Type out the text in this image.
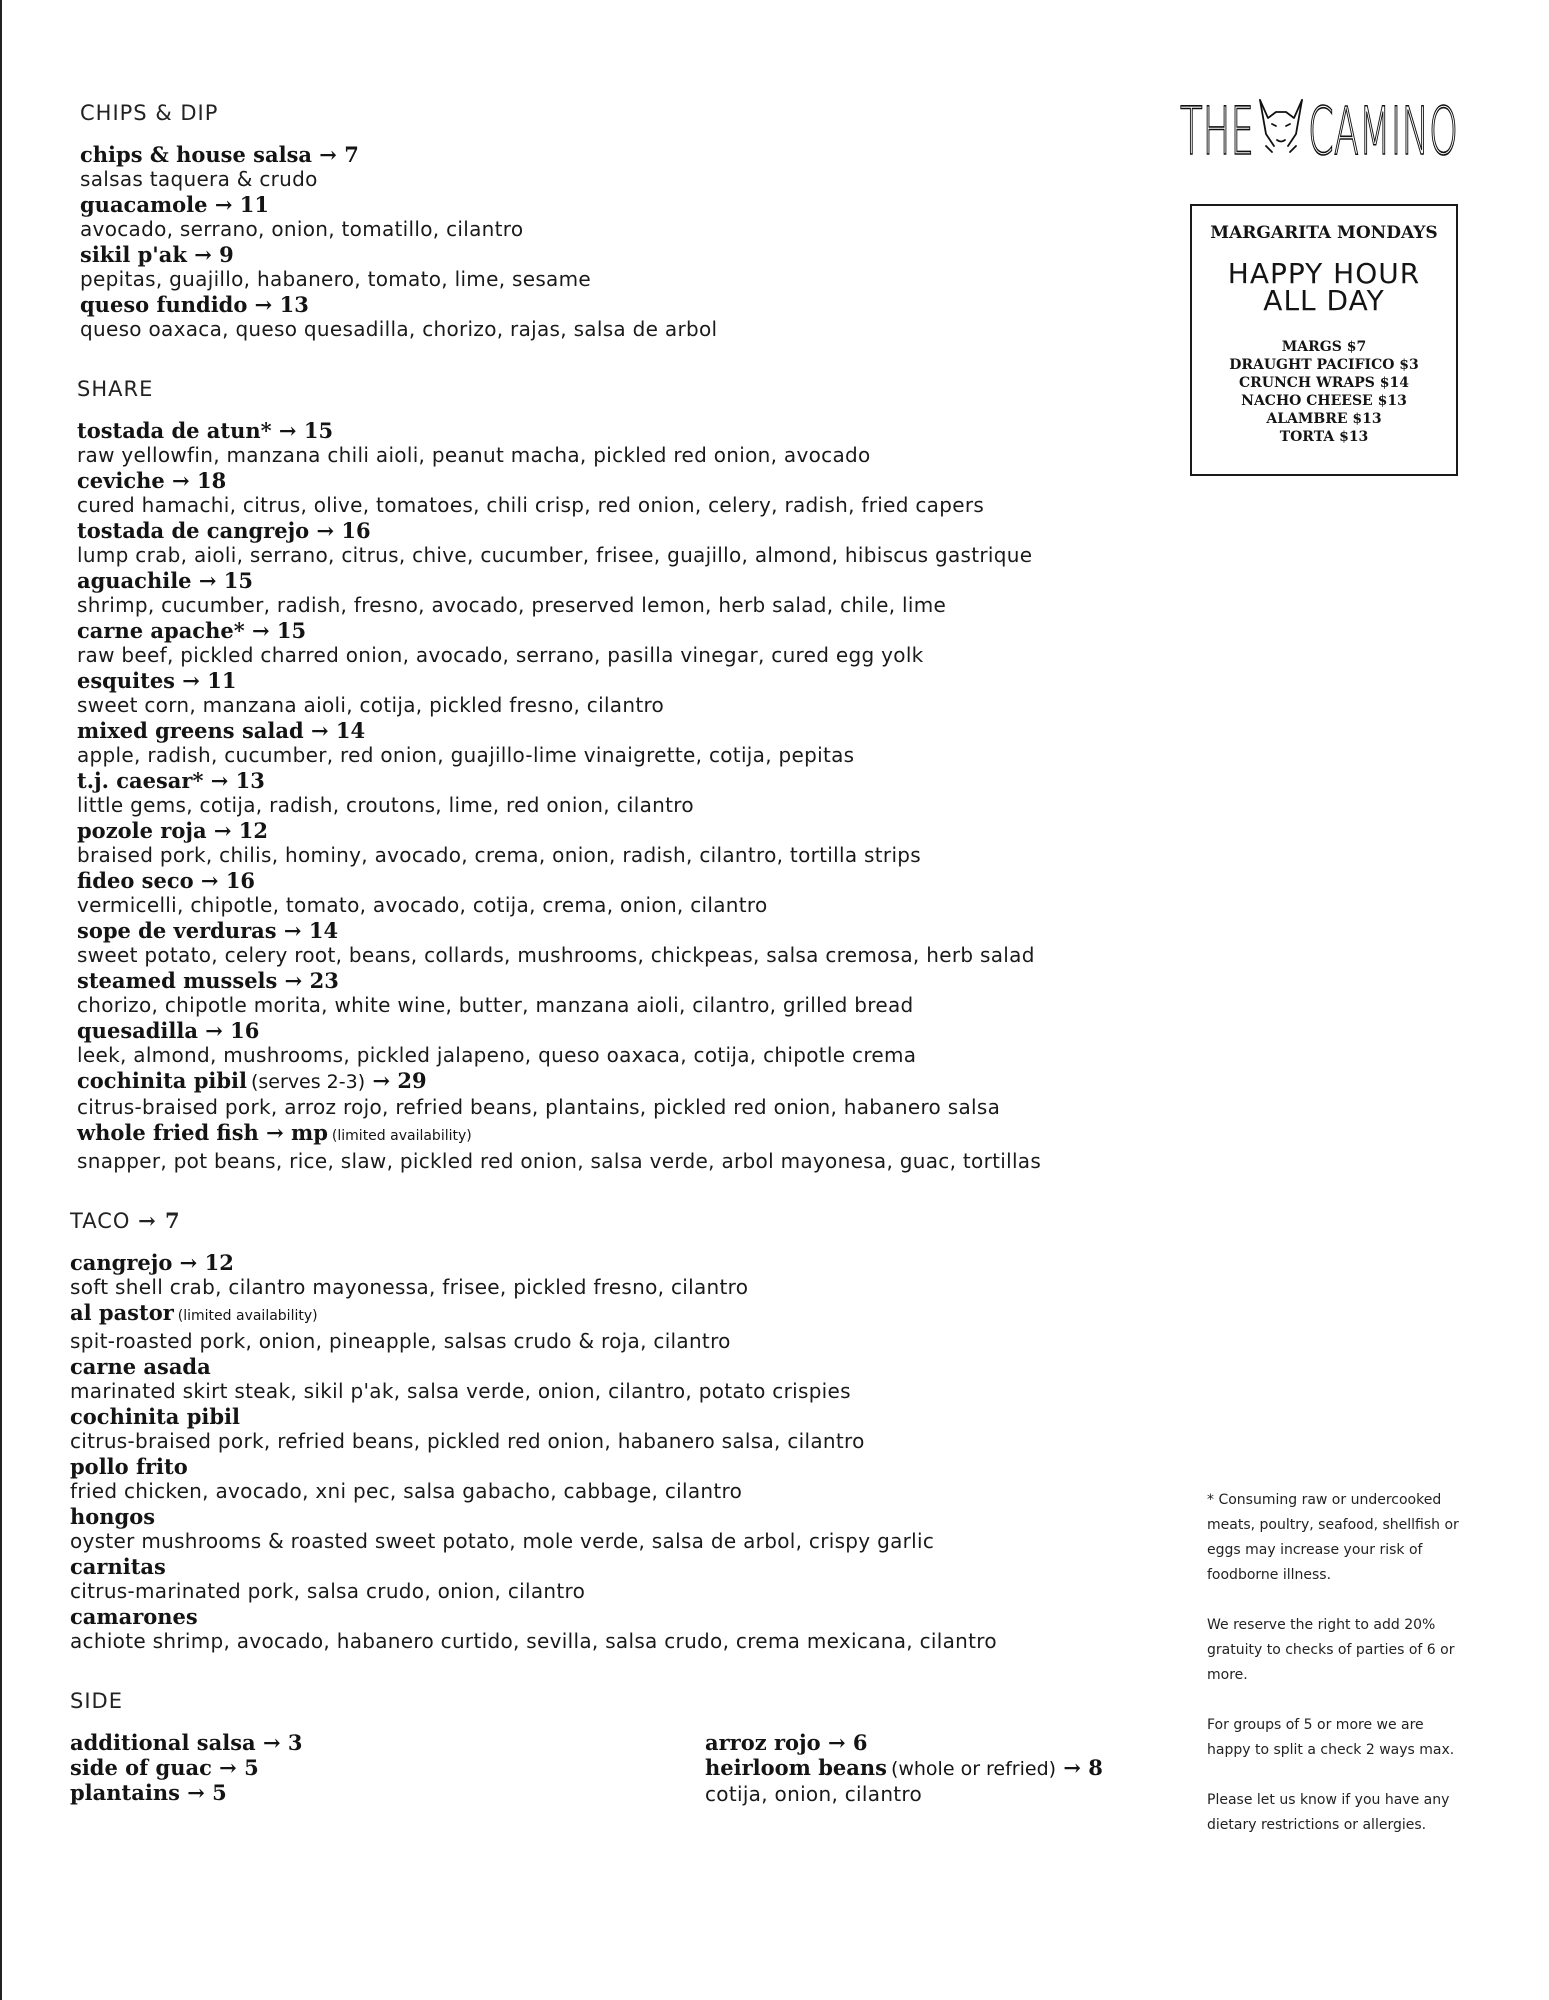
THE CAMINO
MARGARITA MONDAYS
HAPPY HOUR
ALL DAY
MARGS $7
DRAUGHT PACIFICO $3
CRUNCH WRAPS $14
NACHO CHEESE $13
ALAMBRE $13
TORTA $13
CHIPS & DIP
chips & house salsa → 7
salsas taquera & crudo
guacamole → 11
avocado, serrano, onion, tomatillo, cilantro
sikil p'ak → 9
pepitas, guajillo, habanero, tomato, lime, sesame
queso fundido → 13
queso oaxaca, queso quesadilla, chorizo, rajas, salsa de arbol
SHARE
tostada de atun* → 15
raw yellowfin, manzana chili aioli, peanut macha, pickled red onion, avocado
ceviche → 18
cured hamachi, citrus, olive, tomatoes, chili crisp, red onion, celery, radish, fried capers
tostada de cangrejo → 16
lump crab, aioli, serrano, citrus, chive, cucumber, frisee, guajillo, almond, hibiscus gastrique
aguachile → 15
shrimp, cucumber, radish, fresno, avocado, preserved lemon, herb salad, chile, lime
carne apache* → 15
raw beef, pickled charred onion, avocado, serrano, pasilla vinegar, cured egg yolk
esquites → 11
sweet corn, manzana aioli, cotija, pickled fresno, cilantro
mixed greens salad → 14
apple, radish, cucumber, red onion, guajillo-lime vinaigrette, cotija, pepitas
t.j. caesar* → 13
little gems, cotija, radish, croutons, lime, red onion, cilantro
pozole roja → 12
braised pork, chilis, hominy, avocado, crema, onion, radish, cilantro, tortilla strips
fideo seco → 16
vermicelli, chipotle, tomato, avocado, cotija, crema, onion, cilantro
sope de verduras → 14
sweet potato, celery root, beans, collards, mushrooms, chickpeas, salsa cremosa, herb salad
steamed mussels → 23
chorizo, chipotle morita, white wine, butter, manzana aioli, cilantro, grilled bread
quesadilla → 16
leek, almond, mushrooms, pickled jalapeno, queso oaxaca, cotija, chipotle crema
cochinita pibil (serves 2-3) → 29
citrus-braised pork, arroz rojo, refried beans, plantains, pickled red onion, habanero salsa
whole fried fish → mp (limited availability)
snapper, pot beans, rice, slaw, pickled red onion, salsa verde, arbol mayonesa, guac, tortillas
TACO → 7
cangrejo → 12
soft shell crab, cilantro mayonessa, frisee, pickled fresno, cilantro
al pastor (limited availability)
spit-roasted pork, onion, pineapple, salsas crudo & roja, cilantro
carne asada
marinated skirt steak, sikil p'ak, salsa verde, onion, cilantro, potato crispies
cochinita pibil
citrus-braised pork, refried beans, pickled red onion, habanero salsa, cilantro
pollo frito
fried chicken, avocado, xni pec, salsa gabacho, cabbage, cilantro
hongos
oyster mushrooms & roasted sweet potato, mole verde, salsa de arbol, crispy garlic
carnitas
citrus-marinated pork, salsa crudo, onion, cilantro
camarones
achiote shrimp, avocado, habanero curtido, sevilla, salsa crudo, crema mexicana, cilantro
SIDE
additional salsa → 3
side of guac → 5
plantains → 5
arroz rojo → 6
heirloom beans (whole or refried) → 8
cotija, onion, cilantro

* Consuming raw or undercooked meats, poultry, seafood, shellfish or eggs may increase your risk of foodborne illness.

We reserve the right to add 20% gratuity to checks of parties of 6 or more.

For groups of 5 or more we are happy to split a check 2 ways max.

Please let us know if you have any dietary restrictions or allergies.
